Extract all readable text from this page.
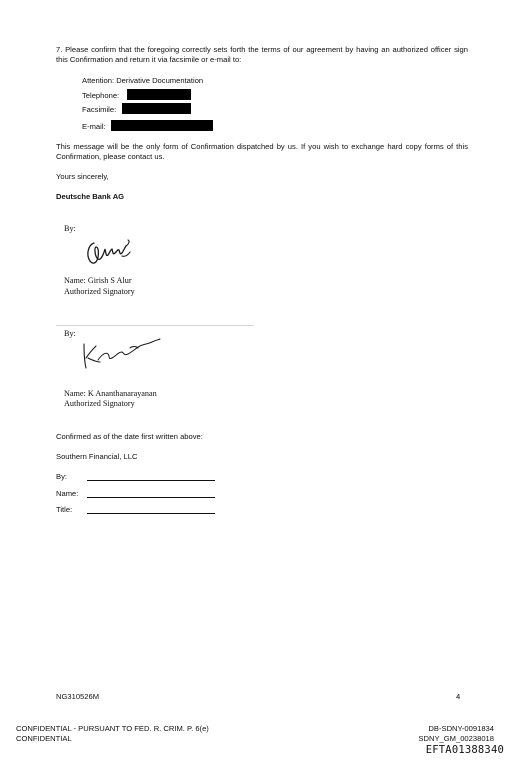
7. Please confirm that the foregoing correctly sets forth the terms of our agreement by having an authorized officer sign this Confirmation and return it via facsimile or e-mail to:

Attention: Derivative Documentation
Telephone:
Facsimile:
E-mail:

This message will be the only form of Confirmation dispatched by us. If you wish to exchange hard copy forms of this Confirmation, please contact us.

Yours sincerely,
Deutsche Bank AG
By:
Name: Girish S Alur
Authorized Signatory
By:
Name: K Ananthanarayanan
Authorized Signatory
Confirmed as of the date first written above:
Southern Financial, LLC
By:
Name:
Title:
NG310526M	4
CONFIDENTIAL - PURSUANT TO FED. R. CRIM. P. 6(e)
CONFIDENTIAL
DB-SDNY-0091834
SDNY_GM_00238018
EFTA01388340
